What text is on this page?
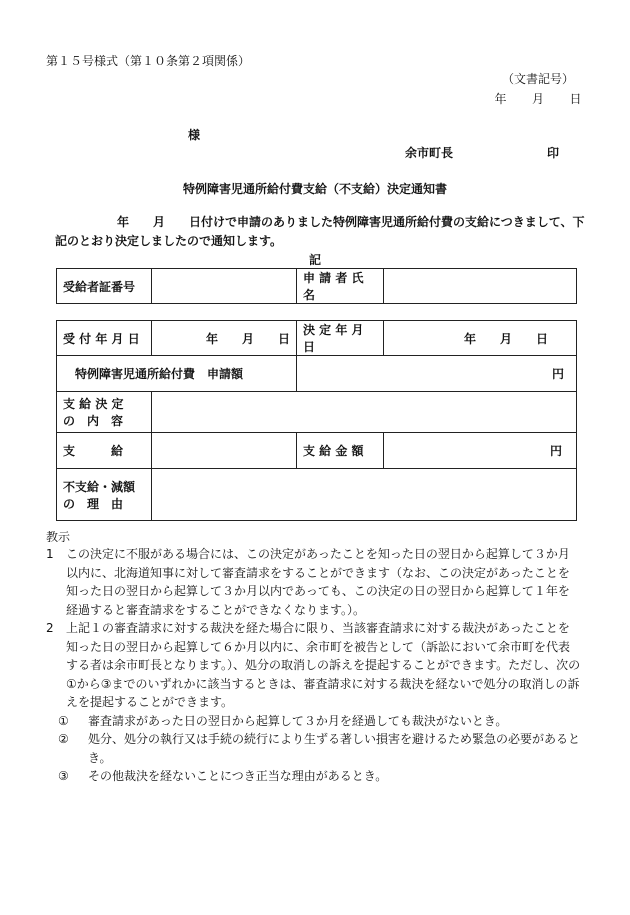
第１５号様式（第１０条第２項関係）
（文書記号）
年　　月　　日
様
余市町長	印
特例障害児通所給付費支給（不支給）決定通知書
年　　月　　日付けで申請のありました特例障害児通所給付費の支給につきまして、下
記のとおり決定しましたので通知します。
記
受給者証番号		申 請 者 氏 名	
受 付 年 月 日	年　　月　　日	決 定 年 月 日	年　　月　　日
特例障害児通所給付費　申請額		円	

支 給 決 定
の　内　容			

支　　　給		支 給 金 額	円

不支給・減額
の　理　由			

教示
1 この決定に不服がある場合には、この決定があったことを知った日の翌日から起算して３か月以内に、北海道知事に対して審査請求をすることができます（なお、この決定があったことを知った日の翌日から起算して３か月以内であっても、この決定の日の翌日から起算して１年を経過すると審査請求をすることができなくなります。）。

2 上記１の審査請求に対する裁決を経た場合に限り、当該審査請求に対する裁決があったことを知った日の翌日から起算して６か月以内に、余市町を被告として（訴訟において余市町を代表する者は余市町長となります。）、処分の取消しの訴えを提起することができます。ただし、次の①から③までのいずれかに該当するときは、審査請求に対する裁決を経ないで処分の取消しの訴えを提起することができます。

① 審査請求があった日の翌日から起算して３か月を経過しても裁決がないとき。

② 処分、処分の執行又は手続の続行により生ずる著しい損害を避けるため緊急の必要があるとき。

③ その他裁決を経ないことにつき正当な理由があるとき。
